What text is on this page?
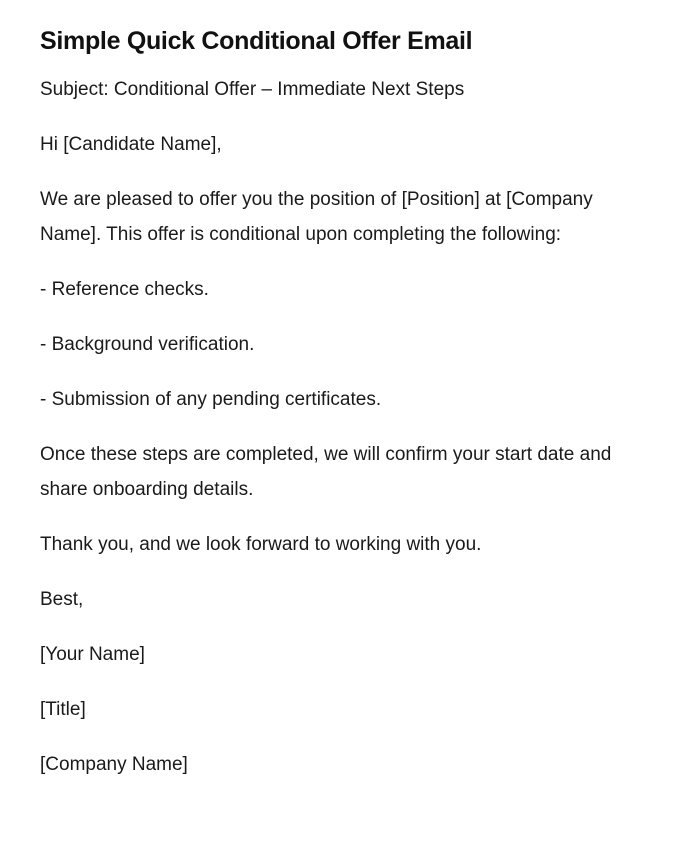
Simple Quick Conditional Offer Email

Subject: Conditional Offer – Immediate Next Steps

Hi [Candidate Name],

We are pleased to offer you the position of [Position] at [Company Name]. This offer is conditional upon completing the following:

- Reference checks.

- Background verification.

- Submission of any pending certificates.

Once these steps are completed, we will confirm your start date and share onboarding details.

Thank you, and we look forward to working with you.

Best,

[Your Name]

[Title]

[Company Name]
